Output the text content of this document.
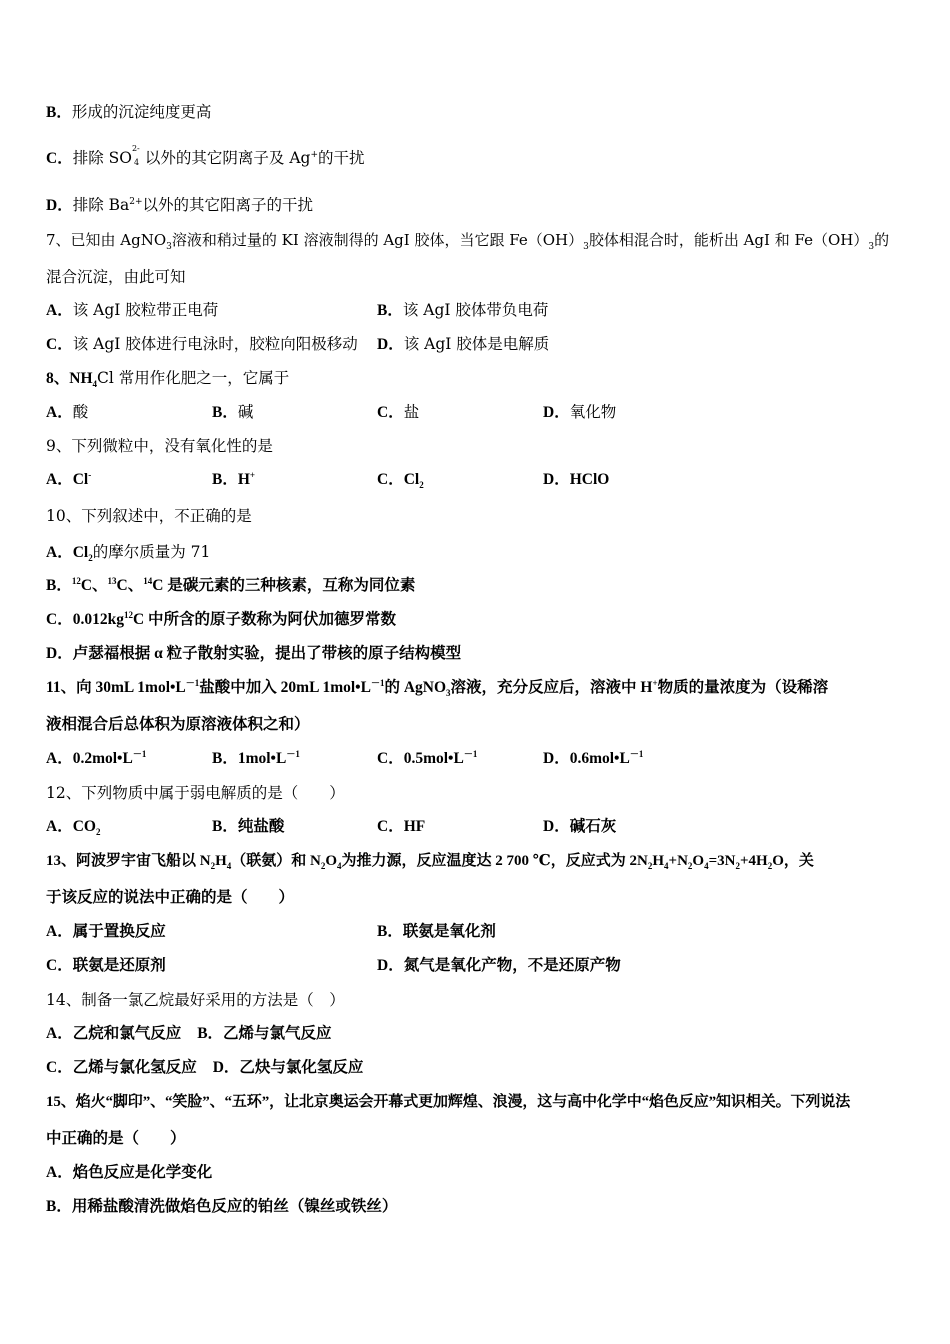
B．形成的沉淀纯度更高
C．排除 SO
2-
4 以外的其它阴离子及 Ag+的干扰
D．排除 $Ba^{2+}$以外的其它阳离子的干扰
7、已知由 AgNO$_3$溶液和稍过量的 KI 溶液制得的 AgI 胶体，当它跟 $Fe(OH)_3$胶体相混合时，能析出 AgI 和 $Fe(OH)_3$的
混合沉淀，由此可知
A．该 AgI 胶粒带正电荷	B．该 AgI 胶体带负电荷
C．该 AgI 胶体进行电泳时，胶粒向阳极移动 D．该 AgI 胶体是电解质
8、$NH_4Cl$ 常用作化肥之一，它属于
A．酸	B．碱	C．盐	D．氧化物
9、下列微粒中，没有氧化性的是
A．Cl-	B．H+	C．$Cl_2$	D．HClO
10、下列叙述中，不正确的是
A．$Cl_2$的摩尔质量为 71
B．$^{12}$C、$^{13}$C、$^{14}$C 是碳元素的三种核素，互称为同位素
C．$0.012kg^{12}C$ 中所含的原子数称为阿伏加德罗常数
D．卢瑟福根据 α 粒子散射实验，提出了带核的原子结构模型
11、向 30mL $1mol•L^{-1}$盐酸中加入 20mL $1mol•L^{-1}$的 AgNO$_3$溶液，充分反应后，溶液中 H+物质的量浓度为（设稀溶
液相混合后总体积为原溶液体积之和）
A．$0.2mol•L^{-1}$	B．$1mol•L^{-1}$	C．$0.5mol•L^{-1}$	D．$0.6mol•L^{-1}$
12、下列物质中属于弱电解质的是（　　）
A．$CO_2$	B．纯盐酸	C．HF	D．碱石灰
13、阿波罗宇宙飞船以 $N_2H_4$（联氨）和 $N_2O_4$为推力源，反应温度达 2 700 ℃，反应式为 $2N_2H_4+N_2O_4=3N_2+4H_2O$，关
于该反应的说法中正确的是（　　）
A．属于置换反应	B．联氨是氧化剂
C．联氨是还原剂	D．氮气是氧化产物，不是还原产物
14、制备一氯乙烷最好采用的方法是（　）
A．乙烷和氯气反应 B．乙烯与氯气反应
C．乙烯与氯化氢反应 D．乙炔与氯化氢反应
15、焰火“脚印”、“笑脸”、“五环”，让北京奥运会开幕式更加辉煌、浪漫，这与高中化学中“焰色反应”知识相关。下列说法
中正确的是（　　）
A．焰色反应是化学变化
B．用稀盐酸清洗做焰色反应的铂丝（镍丝或铁丝）
